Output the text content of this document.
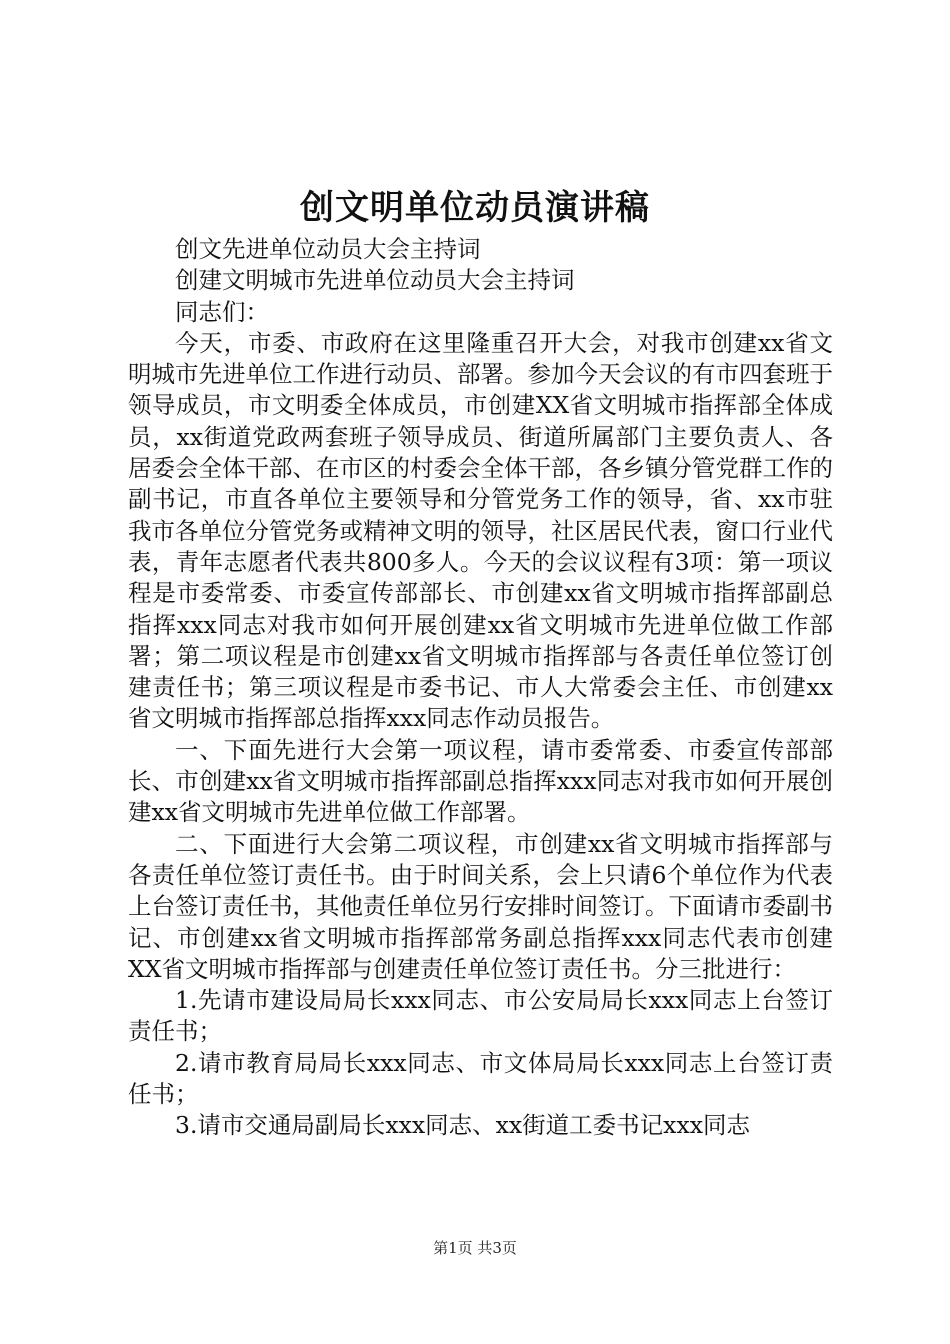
创文明单位动员演讲稿

创文先进单位动员大会主持词

创建文明城市先进单位动员大会主持词

同志们：

今天，市委、市政府在这里隆重召开大会，对我市创建xx省文明城市先进单位工作进行动员、部署。参加今天会议的有市四套班于领导成员，市文明委全体成员，市创建XX省文明城市指挥部全体成员，xx街道党政两套班子领导成员、街道所属部门主要负责人、各居委会全体干部、在市区的村委会全体干部，各乡镇分管党群工作的副书记，市直各单位主要领导和分管党务工作的领导，省、xx市驻我市各单位分管党务或精神文明的领导，社区居民代表，窗口行业代表，青年志愿者代表共800多人。今天的会议议程有3项：第一项议程是市委常委、市委宣传部部长、市创建xx省文明城市指挥部副总指挥xxx同志对我市如何开展创建xx省文明城市先进单位做工作部署；第二项议程是市创建xx省文明城市指挥部与各责任单位签订创建责任书；第三项议程是市委书记、市人大常委会主任、市创建xx省文明城市指挥部总指挥xxx同志作动员报告。

一、下面先进行大会第一项议程，请市委常委、市委宣传部部长、市创建xx省文明城市指挥部副总指挥xxx同志对我市如何开展创建xx省文明城市先进单位做工作部署。

二、下面进行大会第二项议程，市创建xx省文明城市指挥部与各责任单位签订责任书。由于时间关系，会上只请6个单位作为代表上台签订责任书，其他责任单位另行安排时间签订。下面请市委副书记、市创建xx省文明城市指挥部常务副总指挥xxx同志代表市创建XX省文明城市指挥部与创建责任单位签订责任书。分三批进行：

1.先请市建设局局长xxx同志、市公安局局长xxx同志上台签订责任书；

2.请市教育局局长xxx同志、市文体局局长xxx同志上台签订责任书；

3.请市交通局副局长xxx同志、xx街道工委书记xxx同志

第1页 共3页
